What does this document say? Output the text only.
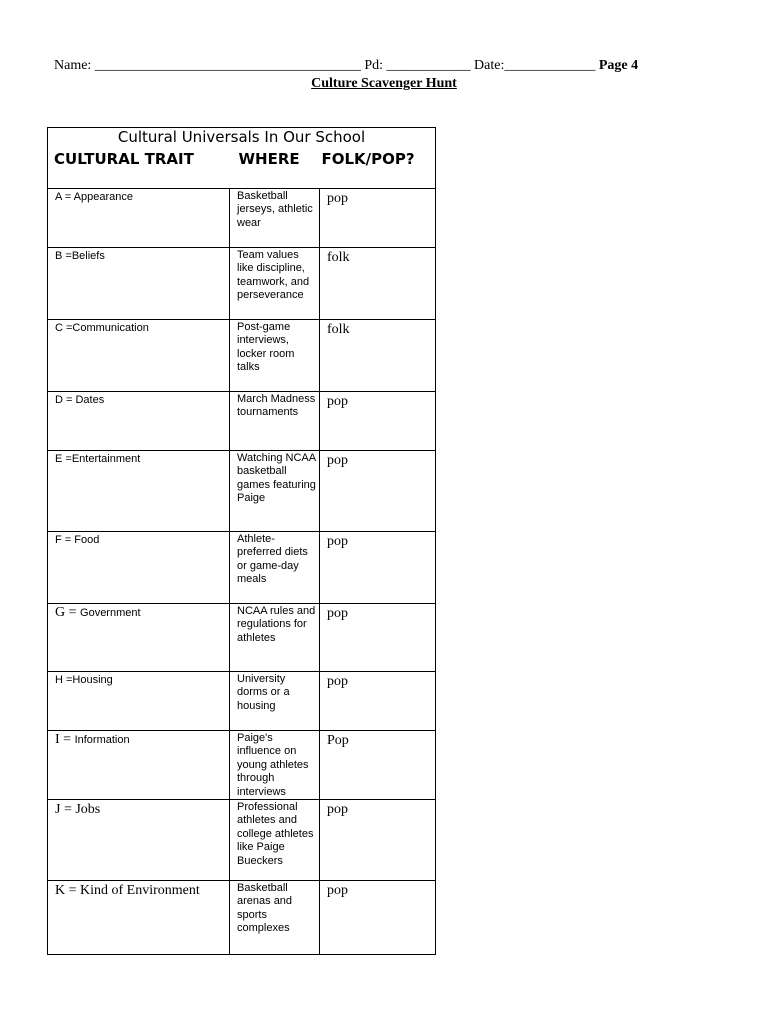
Name: ______________________________________ Pd: ____________ Date:_____________ Page 4
Culture Scavenger Hunt
Cultural Universals In Our School		
CULTURAL TRAIT	WHERE	FOLK/POP?
A = Appearance	Basketball jerseys, athletic wear	pop
B =Beliefs	Team values like discipline, teamwork, and perseverance	folk
C =Communication	Post-game interviews, locker room talks	folk
D = Dates	March Madness tournaments	pop
E =Entertainment	Watching NCAA basketball games featuring Paige	pop
F = Food	Athlete-preferred diets or game-day meals	pop
G = Government	NCAA rules and regulations for athletes	pop
H =Housing	University dorms or a housing	pop
I = Information	Paige's influence on young athletes through interviews	Pop
J = Jobs	Professional athletes and college athletes like Paige Bueckers	pop
K = Kind of Environment	Basketball arenas and sports complexes	pop
